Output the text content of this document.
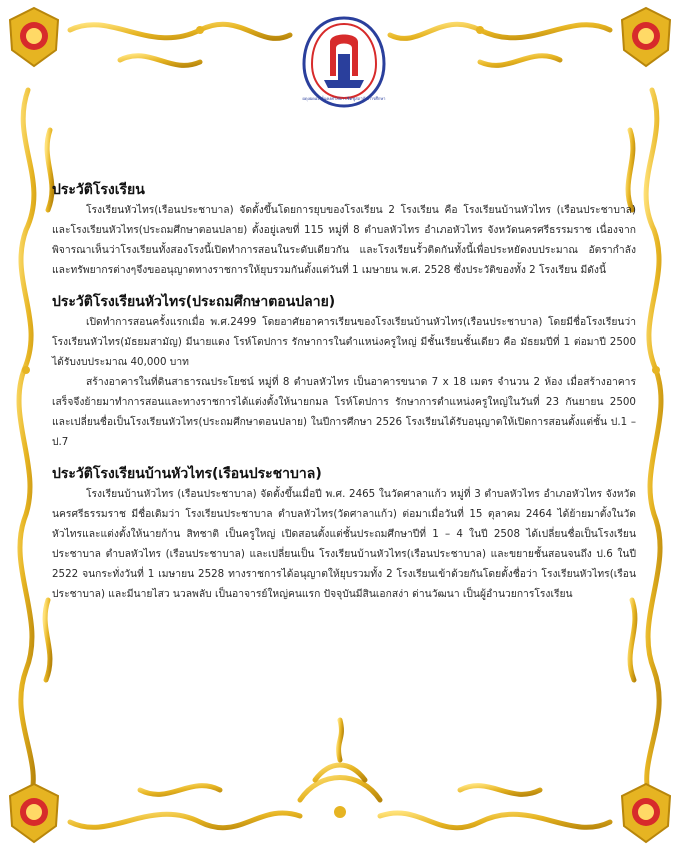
ผดุงผดอง มั่นคงศาสนา เชิดชูสถาบันการศึกษา
ประวัติโรงเรียน

โรงเรียนหัวไทร(เรือนประชาบาล) จัดตั้งขึ้นโดยการยุบของโรงเรียน 2 โรงเรียน คือ โรงเรียนบ้านหัวไทร (เรือนประชาบาล) และโรงเรียนหัวไทร(ประถมศึกษาตอนปลาย) ตั้งอยู่เลขที่ 115 หมู่ที่ 8 ตำบลหัวไทร อำเภอหัวไทร จังหวัดนครศรีธรรมราช เนื่องจากพิจารณาเห็นว่าโรงเรียนทั้งสองโรงนี้เปิดทำการสอนในระดับเดียวกัน และโรงเรียนรั้วติดกันทั้งนี้เพื่อประหยัดงบประมาณ อัตรากำลังและทรัพยากรต่างๆจึงขออนุญาตทางราชการให้ยุบรวมกันตั้งแต่วันที่ 1 เมษายน พ.ศ. 2528 ซึ่งประวัติของทั้ง 2 โรงเรียน มีดังนี้

ประวัติโรงเรียนหัวไทร(ประถมศึกษาตอนปลาย)

เปิดทำการสอนครั้งแรกเมื่อ พ.ศ.2499 โดยอาศัยอาคารเรียนของโรงเรียนบ้านหัวไทร(เรือนประชาบาล) โดยมีชื่อโรงเรียนว่า โรงเรียนหัวไทร(มัธยมสามัญ) มีนายแดง โรห์โตปการ รักษาการในตำแหน่งครูใหญ่ มีชั้นเรียนชั้นเดียว คือ มัธยมปีที่ 1 ต่อมาปี 2500 ได้รับงบประมาณ 40,000 บาท

สร้างอาคารในที่ดินสาธารณประโยชน์ หมู่ที่ 8 ตำบลหัวไทร เป็นอาคารขนาด 7 x 18 เมตร จำนวน 2 ห้อง เมื่อสร้างอาคารเสร็จจึงย้ายมาทำการสอนและทางราชการได้แต่งตั้งให้นายกมล โรห์โตปการ รักษาการตำแหน่งครูใหญ่ในวันที่ 23 กันยายน 2500 และเปลี่ยนชื่อเป็นโรงเรียนหัวไทร(ประถมศึกษาตอนปลาย) ในปีการศึกษา 2526 โรงเรียนได้รับอนุญาตให้เปิดการสอนตั้งแต่ชั้น ป.1 – ป.7

ประวัติโรงเรียนบ้านหัวไทร(เรือนประชาบาล)

โรงเรียนบ้านหัวไทร (เรือนประชาบาล) จัดตั้งขึ้นเมื่อปี พ.ศ. 2465 ในวัดศาลาแก้ว หมู่ที่ 3 ตำบลหัวไทร อำเภอหัวไทร จังหวัดนครศรีธรรมราช มีชื่อเดิมว่า โรงเรียนประชาบาล ตำบลหัวไทร(วัดศาลาแก้ว) ต่อมาเมื่อวันที่ 15 ตุลาคม 2464 ได้ย้ายมาตั้งในวัดหัวไทรและแต่งตั้งให้นายก้าน สิทชาติ เป็นครูใหญ่ เปิดสอนตั้งแต่ชั้นประถมศึกษาปีที่ 1 – 4 ในปี 2508 ได้เปลี่ยนชื่อเป็นโรงเรียนประชาบาล ตำบลหัวไทร (เรือนประชาบาล) และเปลี่ยนเป็น โรงเรียนบ้านหัวไทร(เรือนประชาบาล) และขยายชั้นสอนจนถึง ป.6 ในปี 2522 จนกระทั่งวันที่ 1 เมษายน 2528 ทางราชการได้อนุญาตให้ยุบรวมทั้ง 2 โรงเรียนเข้าด้วยกันโดยตั้งชื่อว่า โรงเรียนหัวไทร(เรือนประชาบาล) และมีนายไสว นวลพลับ เป็นอาจารย์ใหญ่คนแรก ปัจจุบันมีสินเอกสง่า ด่านวัฒนา เป็นผู้อำนวยการโรงเรียน
